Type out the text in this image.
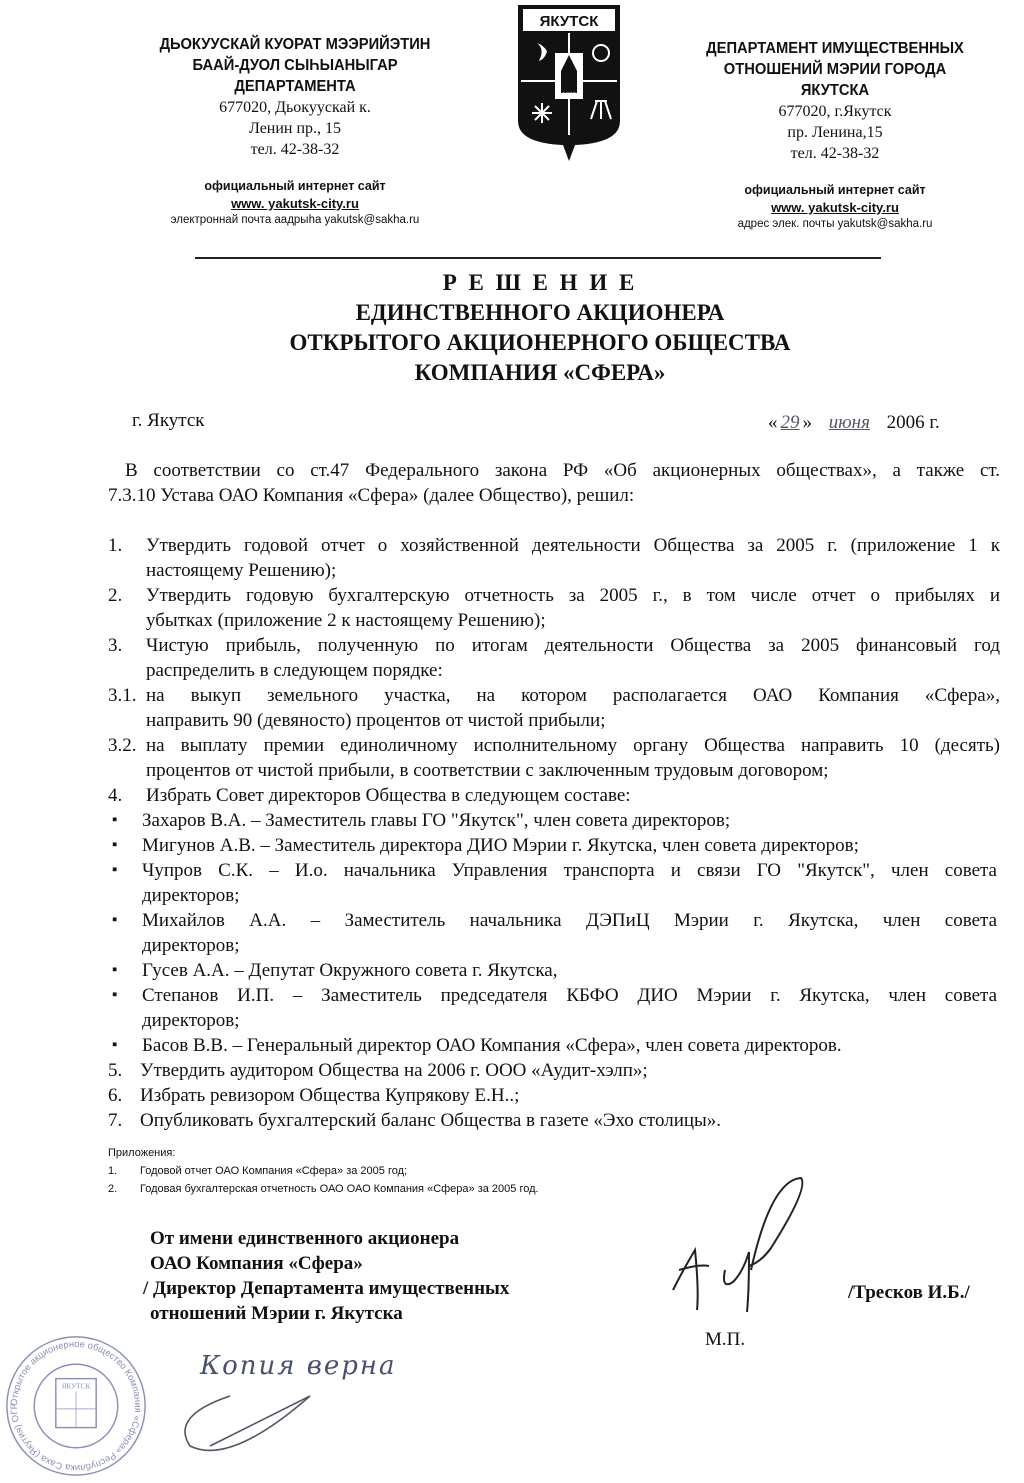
ДЬОКУУСКАЙ КУОРАТ МЭЭРИЙЭТИН
БААЙ-ДУОЛ СЫҺЫАНЫГАР
ДЕПАРТАМЕНТА
677020, Дьокуускай к.
Ленин пр., 15
тел. 42-38-32
официальный интернет сайт
www. yakutsk-city.ru
электроннай почта аадрыһа yakutsk@sakha.ru
ЯКУТСК
1632
ДЕПАРТАМЕНТ ИМУЩЕСТВЕННЫХ
ОТНОШЕНИЙ МЭРИИ ГОРОДА
ЯКУТСКА
677020, г.Якутск
пр. Ленина,15
тел. 42-38-32
официальный интернет сайт
www. yakutsk-city.ru
адрес элек. почты yakutsk@sakha.ru
Р Е Ш Е Н И Е
ЕДИНСТВЕННОГО АКЦИОНЕРА
ОТКРЫТОГО АКЦИОНЕРНОГО ОБЩЕСТВА
КОМПАНИЯ «СФЕРА»
г. Якутск	« 29 » июня 2006 г.
В соответствии со ст.47 Федерального закона РФ «Об акционерных обществах», а также ст.
7.3.10 Устава ОАО Компания «Сфера» (далее Общество), решил:
1. Утвердить годовой отчет о хозяйственной деятельности Общества за 2005 г. (приложение 1 к
настоящему Решению);
2. Утвердить годовую бухгалтерскую отчетность за 2005 г., в том числе отчет о прибылях и
убытках (приложение 2 к настоящему Решению);
3. Чистую прибыль, полученную по итогам деятельности Общества за 2005 финансовый год
распределить в следующем порядке:
3.1. на выкуп земельного участка, на котором располагается ОАО Компания «Сфера»,
направить 90 (девяносто) процентов от чистой прибыли;
3.2. на выплату премии единоличному исполнительному органу Общества направить 10 (десять)
процентов от чистой прибыли, в соответствии с заключенным трудовым договором;
4. Избрать Совет директоров Общества в следующем составе:
▪ Захаров В.А. – Заместитель главы ГО "Якутск", член совета директоров;
▪ Мигунов А.В. – Заместитель директора ДИО Мэрии г. Якутска, член совета директоров;
▪ Чупров С.К. – И.о. начальника Управления транспорта и связи ГО "Якутск", член совета
директоров;
▪ Михайлов А.А. – Заместитель начальника ДЭПиЦ Мэрии г. Якутска, член совета
директоров;
▪ Гусев А.А. – Депутат Окружного совета г. Якутска,
▪ Степанов И.П. – Заместитель председателя КБФО ДИО Мэрии г. Якутска, член совета
директоров;
▪ Басов В.В. – Генеральный директор ОАО Компания «Сфера», член совета директоров.
5. Утвердить аудитором Общества на 2006 г. ООО «Аудит-хэлп»;
6. Избрать ревизором Общества Купрякову Е.Н..;
7. Опубликовать бухгалтерский баланс Общества в газете «Эхо столицы».
Приложения:
1. Годовой отчет ОАО Компания «Сфера» за 2005 год;
2. Годовая бухгалтерская отчетность ОАО ОАО Компания «Сфера» за 2005 год.
Открытое акционерное общество Компания «Сфера» Республика Саха (Якутия) ОГР
ЯКУТСК
От имени единственного акционера
ОАО Компания «Сфера»
/ Директор Департамента имущественных
отношений Мэрии г. Якутска
/Тресков И.Б./
М.П.
Копия верна
